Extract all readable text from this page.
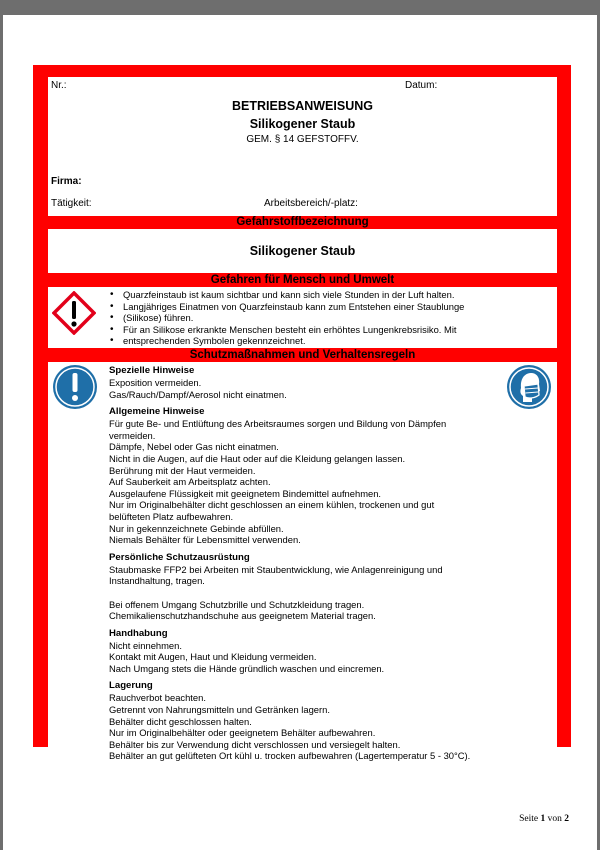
Nr.:	Datum:
BETRIEBSANWEISUNG
Silikogener Staub
GEM. § 14 GEFSTOFFV.
Firma:
Tätigkeit:	Arbeitsbereich/-platz:
Gefahrstoffbezeichnung
Silikogener Staub
Gefahren für Mensch und Umwelt
• Quarzfeinstaub ist kaum sichtbar und kann sich viele Stunden in der Luft halten.
• Langjähriges Einatmen von Quarzfeinstaub kann zum Entstehen einer Staublunge
• (Silikose) führen.
• Für an Silikose erkrankte Menschen besteht ein erhöhtes Lungenkrebsrisiko. Mit
• entsprechenden Symbolen gekennzeichnet.
Schutzmaßnahmen und Verhaltensregeln
Spezielle Hinweise
Exposition vermeiden.
Gas/Rauch/Dampf/Aerosol nicht einatmen.
Allgemeine Hinweise
Für gute Be- und Entlüftung des Arbeitsraumes sorgen und Bildung von Dämpfen
vermeiden.
Dämpfe, Nebel oder Gas nicht einatmen.
Nicht in die Augen, auf die Haut oder auf die Kleidung gelangen lassen.
Berührung mit der Haut vermeiden.
Auf Sauberkeit am Arbeitsplatz achten.
Ausgelaufene Flüssigkeit mit geeignetem Bindemittel aufnehmen.
Nur im Originalbehälter dicht geschlossen an einem kühlen, trockenen und gut
belüfteten Platz aufbewahren.
Nur in gekennzeichnete Gebinde abfüllen.
Niemals Behälter für Lebensmittel verwenden.
Persönliche Schutzausrüstung
Staubmaske FFP2 bei Arbeiten mit Staubentwicklung, wie Anlagenreinigung und
Instandhaltung, tragen.

Bei offenem Umgang Schutzbrille und Schutzkleidung tragen.
Chemikalienschutzhandschuhe aus geeignetem Material tragen.
Handhabung
Nicht einnehmen.
Kontakt mit Augen, Haut und Kleidung vermeiden.
Nach Umgang stets die Hände gründlich waschen und eincremen.
Lagerung
Rauchverbot beachten.
Getrennt von Nahrungsmitteln und Getränken lagern.
Behälter dicht geschlossen halten.
Nur im Originalbehälter oder geeignetem Behälter aufbewahren.
Behälter bis zur Verwendung dicht verschlossen und versiegelt halten.
Behälter an gut gelüfteten Ort kühl u. trocken aufbewahren (Lagertemperatur 5 - 30°C).
Seite 1 von 2
